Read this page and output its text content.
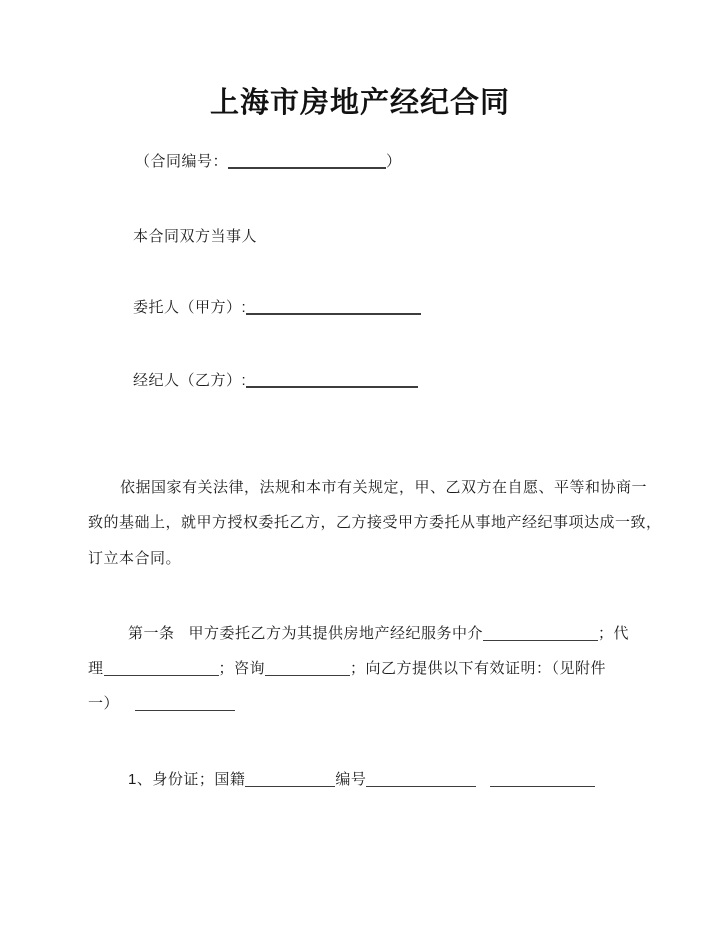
上海市房地产经纪合同
（合同编号：	）
本合同双方当事人
委托人（甲方）:
经纪人（乙方）:
依据国家有关法律，法规和本市有关规定，甲、乙双方在自愿、平等和协商一
致的基础上，就甲方授权委托乙方，乙方接受甲方委托从事地产经纪事项达成一致，
订立本合同。
第一条 甲方委托乙方为其提供房地产经纪服务中介	；代
理	；咨询	；向乙方提供以下有效证明：（见附件
一）
1、身份证；国籍	编号
